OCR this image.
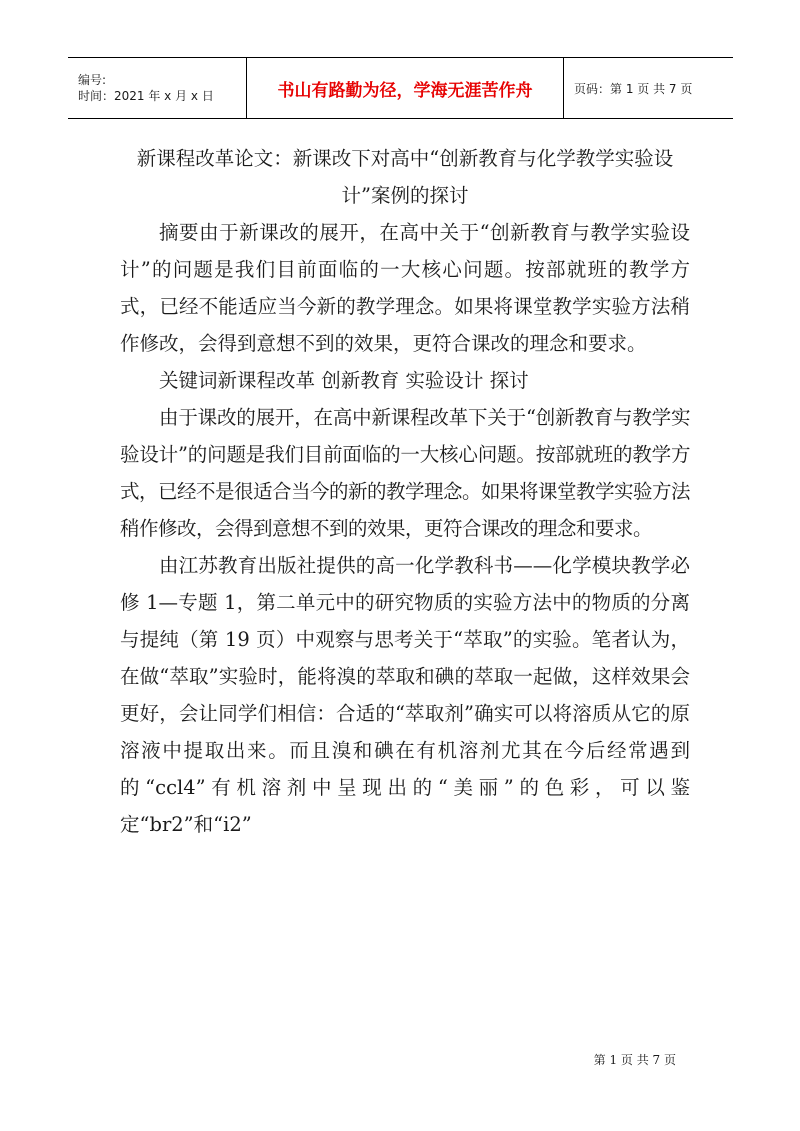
编号:
时间：2021 年 x 月 x 日	书山有路勤为径，学海无涯苦作舟	页码：第 1 页 共 7 页

新课程改革论文：新课改下对高中“创新教育与化学教学实验设计”案例的探讨

摘要由于新课改的展开，在高中关于“创新教育与教学实验设计”的问题是我们目前面临的一大核心问题。按部就班的教学方式，已经不能适应当今新的教学理念。如果将课堂教学实验方法稍作修改，会得到意想不到的效果，更符合课改的理念和要求。

关键词新课程改革 创新教育 实验设计 探讨

由于课改的展开，在高中新课程改革下关于“创新教育与教学实验设计”的问题是我们目前面临的一大核心问题。按部就班的教学方式，已经不是很适合当今的新的教学理念。如果将课堂教学实验方法稍作修改，会得到意想不到的效果，更符合课改的理念和要求。

由江苏教育出版社提供的高一化学教科书——化学模块教学必修 1—专题 1，第二单元中的研究物质的实验方法中的物质的分离与提纯（第 19 页）中观察与思考关于“萃取”的实验。笔者认为，在做“萃取”实验时，能将溴的萃取和碘的萃取一起做，这样效果会更好，会让同学们相信：合适的“萃取剂”确实可以将溶质从它的原溶液中提取出来。而且溴和碘在有机溶剂尤其在今后经常遇到的“ccl4”有机溶剂中呈现出的“美丽”的色彩，可以鉴定“br2”和“i2”

第 1 页 共 7 页
